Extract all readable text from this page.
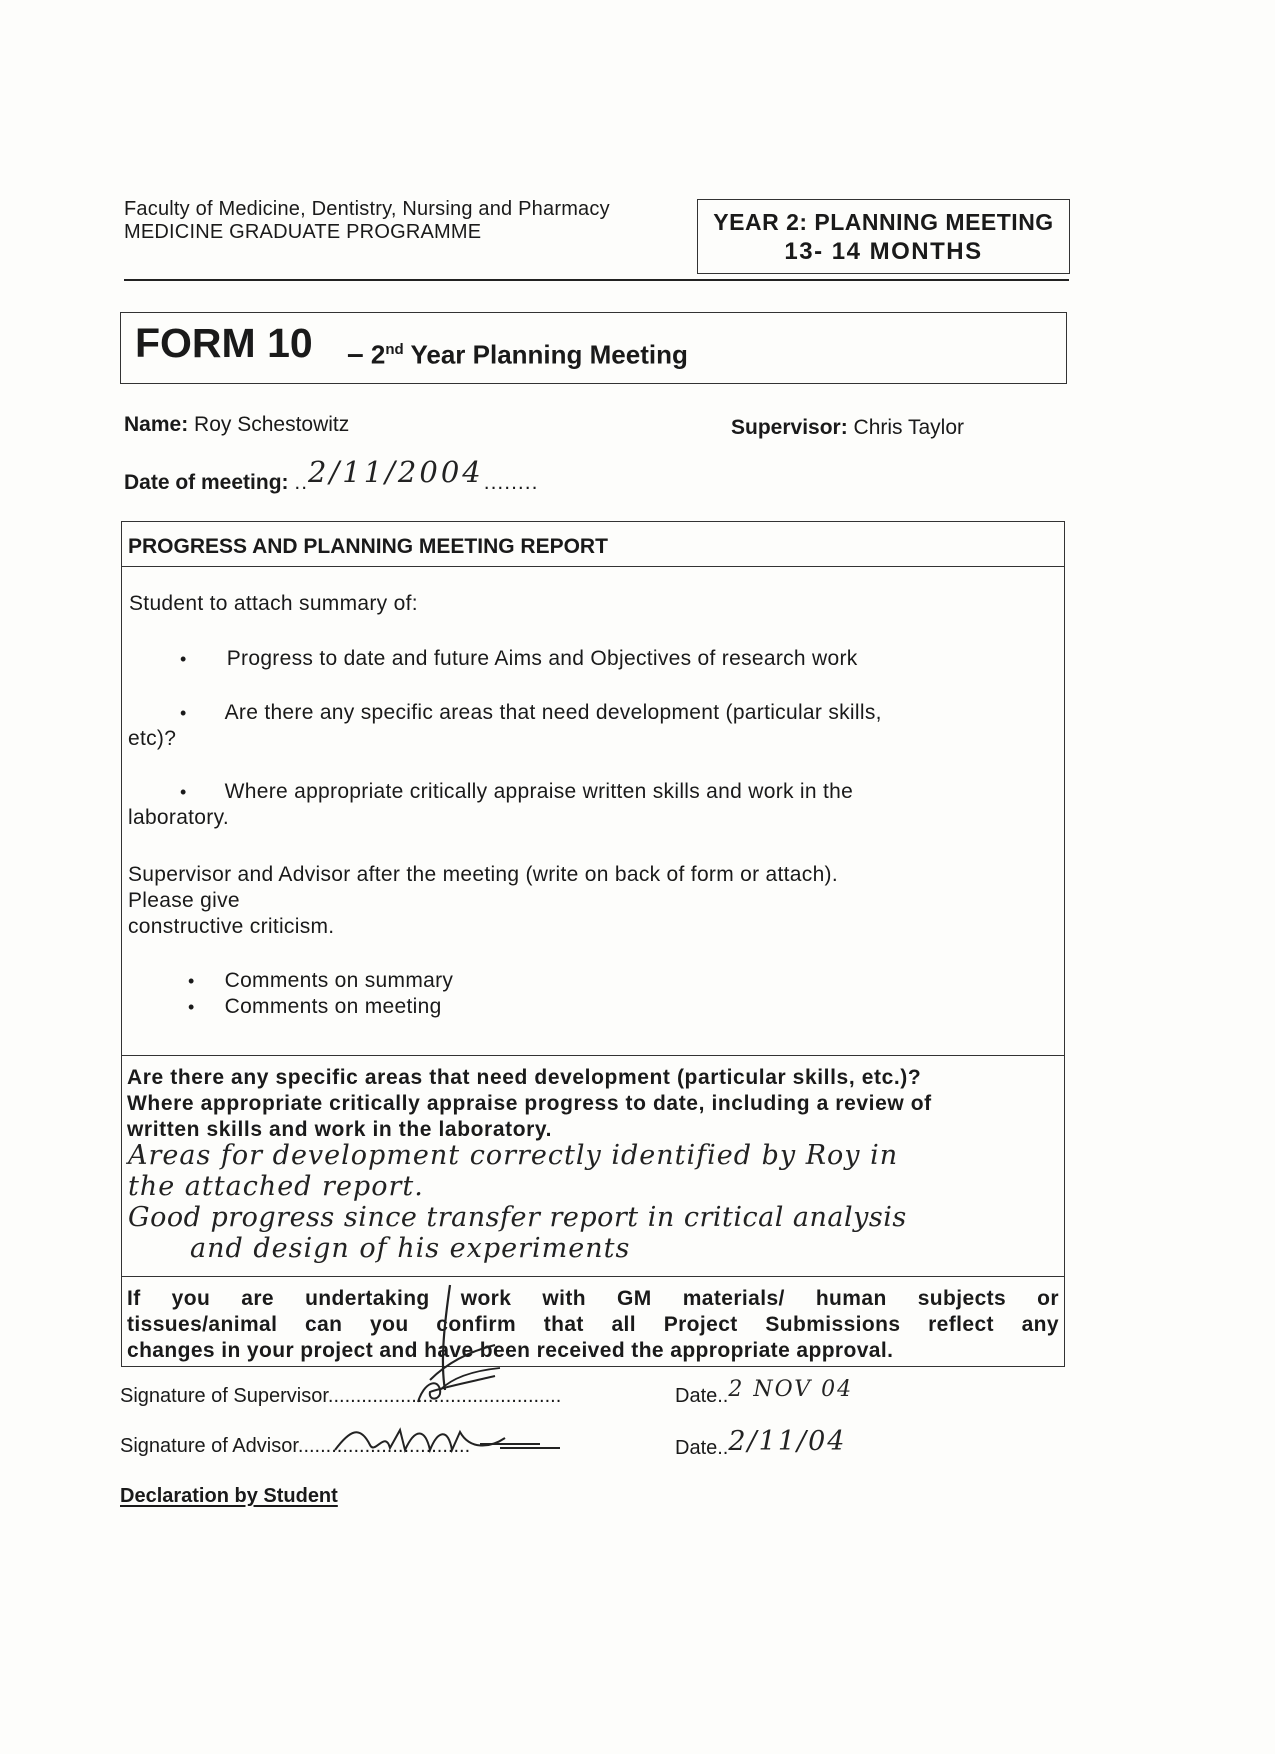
Faculty of Medicine, Dentistry, Nursing and Pharmacy
MEDICINE GRADUATE PROGRAMME	YEAR 2: PLANNING MEETING
13- 14 MONTHS
FORM 10 – 2nd Year Planning Meeting
Name: Roy Schestowitz	Supervisor: Chris Taylor
Date of meeting: ..2/11/2004........
PROGRESS AND PLANNING MEETING REPORT
Student to attach summary of:
• Progress to date and future Aims and Objectives of research work
• Are there any specific areas that need development (particular skills,
etc)?
• Where appropriate critically appraise written skills and work in the
laboratory.
Supervisor and Advisor after the meeting (write on back of form or attach).
Please give
constructive criticism.
• Comments on summary
• Comments on meeting
Are there any specific areas that need development (particular skills, etc.)?
Where appropriate critically appraise progress to date, including a review of
written skills and work in the laboratory.
Areas for development correctly identified by Roy in
the attached report.
Good progress since transfer report in critical analysis
and design of his experiments
If you are undertaking work with GM materials/ human subjects or
tissues/animal can you confirm that all Project Submissions reflect any
changes in your project and have been received the appropriate approval.
Signature of Supervisor..........................................	Date..2 NOV 04
Signature of Advisor...............................	Date..2/11/04
Declaration by Student
